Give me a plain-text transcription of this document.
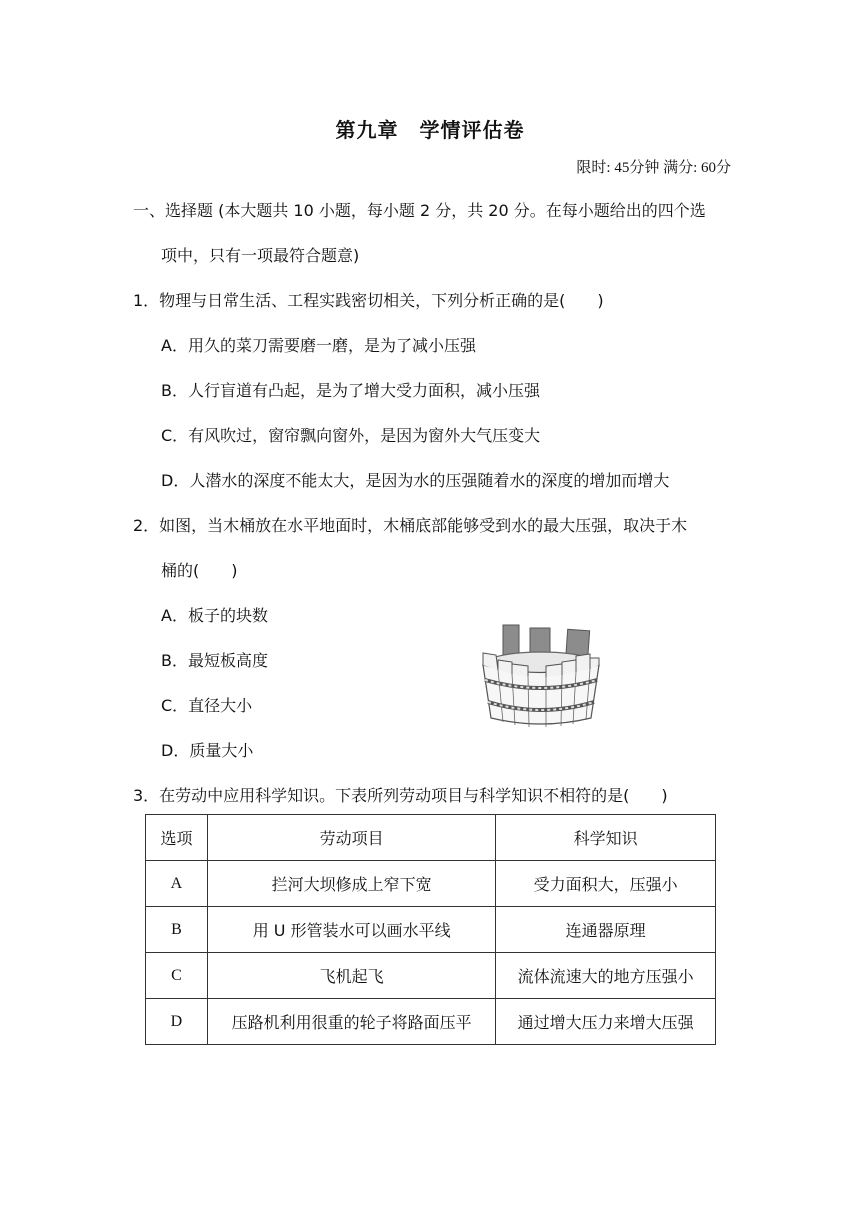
第九章　学情评估卷
限时: 45分钟 满分: 60分
一、选择题 (本大题共 10 小题，每小题 2 分，共 20 分。在每小题给出的四个选
项中，只有一项最符合题意)
1．物理与日常生活、工程实践密切相关，下列分析正确的是(　　)
A．用久的菜刀需要磨一磨，是为了减小压强
B．人行盲道有凸起，是为了增大受力面积，减小压强
C．有风吹过，窗帘飘向窗外，是因为窗外大气压变大
D．人潜水的深度不能太大，是因为水的压强随着水的深度的增加而增大
2．如图，当木桶放在水平地面时，木桶底部能够受到水的最大压强，取决于木
桶的(　　)
A．板子的块数
B．最短板高度
C．直径大小
D．质量大小
3．在劳动中应用科学知识。下表所列劳动项目与科学知识不相符的是(　　)
选项	劳动项目	科学知识
A	拦河大坝修成上窄下宽	受力面积大，压强小
B	用 U 形管装水可以画水平线	连通器原理
C	飞机起飞	流体流速大的地方压强小
D	压路机利用很重的轮子将路面压平	通过增大压力来增大压强
